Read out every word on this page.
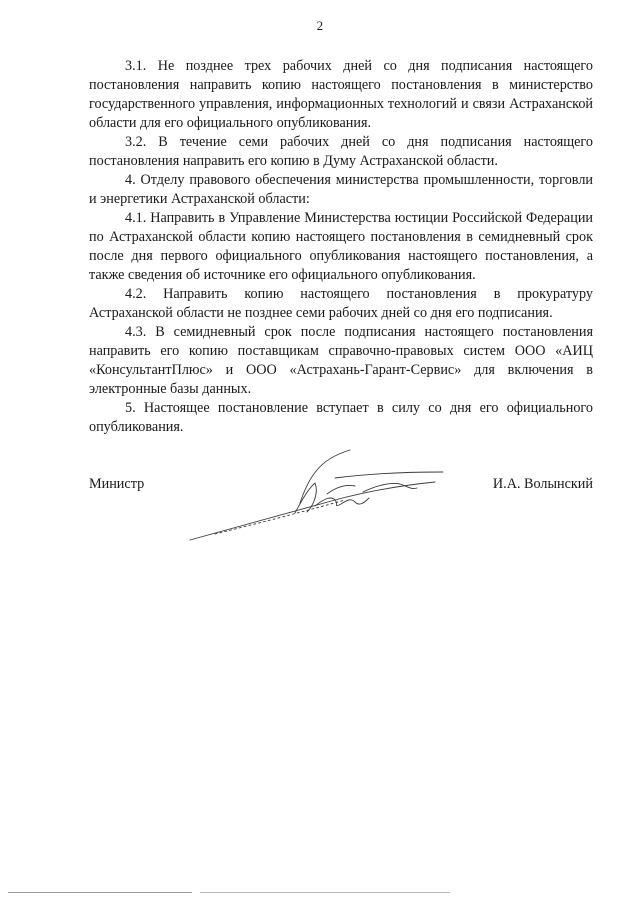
2

3.1. Не позднее трех рабочих дней со дня подписания настоящего постановления направить копию настоящего постановления в министерство государственного управления, информационных технологий и связи Астраханской области для его официального опубликования.

3.2. В течение семи рабочих дней со дня подписания настоящего постановления направить его копию в Думу Астраханской области.

4. Отделу правового обеспечения министерства промышленности, торговли и энергетики Астраханской области:

4.1. Направить в Управление Министерства юстиции Российской Федерации по Астраханской области копию настоящего постановления в семидневный срок после дня первого официального опубликования настоящего постановления, а также сведения об источнике его официального опубликования.

4.2. Направить копию настоящего постановления в прокуратуру Астраханской области не позднее семи рабочих дней со дня его подписания.

4.3. В семидневный срок после подписания настоящего постановления направить его копию поставщикам справочно-правовых систем ООО «АИЦ «КонсультантПлюс» и ООО «Астрахань-Гарант-Сервис» для включения в электронные базы данных.

5. Настоящее постановление вступает в силу со дня его официального опубликования.

Министр	И.А. Волынский
